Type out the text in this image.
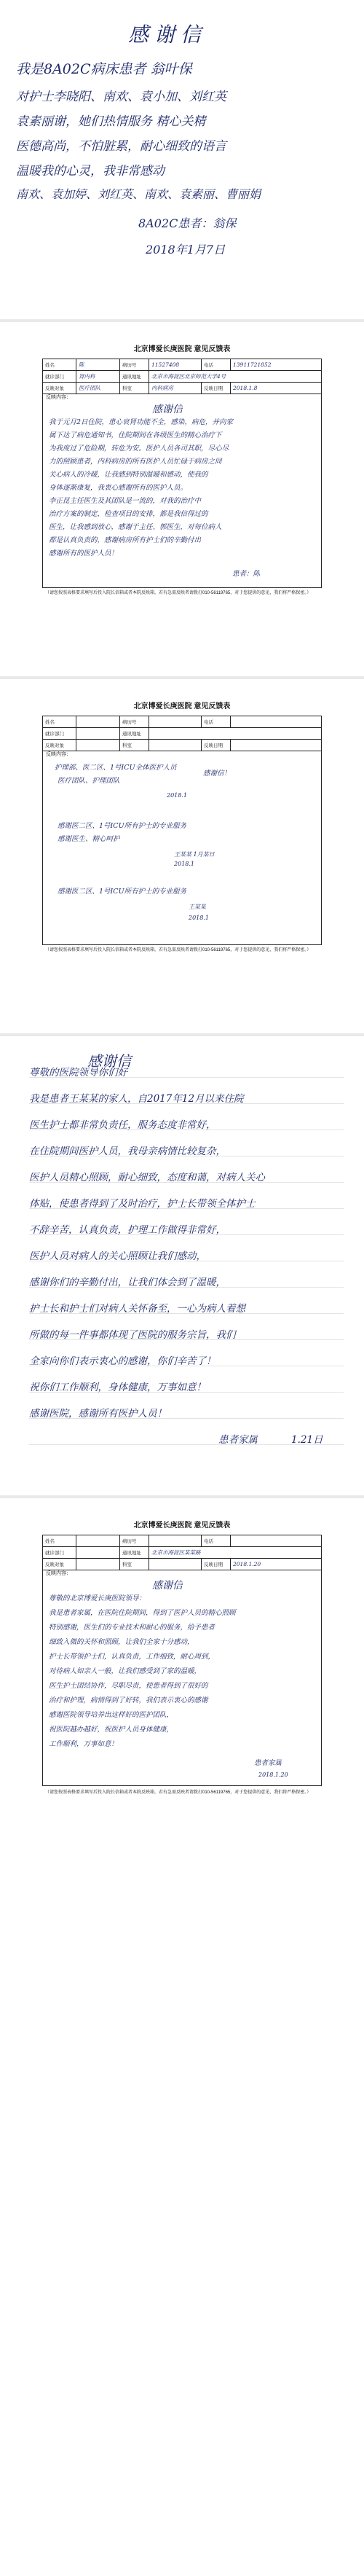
感谢信
我是8A02C病床患者 翁叶保
对护士李晓阳、南欢、袁小加、刘红英
袁素丽谢，她们热情服务 精心关精
医德高尚，不怕脏累，耐心细致的语言
温暖我的心灵，我非常感动
南欢、袁加婷、刘红英、南欢、袁素丽、曹丽娟
8A02C患者：翁保
2018年1月7日
北京博爱长庚医院 意见反馈表
姓名	陈	病历号	11527408	电话	13911721852
就诊部门	肾内科	通讯地址	北京市海淀区北京师范大学4号
反映对象	医疗团队	科室	内科病房	反映日期	2018.1.8
反映内容：
感谢信
我于元月2日住院，患心衰肾功能不全，感染，病危，并向家
属下达了病危通知书，住院期间在各级医生的精心治疗下
为我度过了危险期，转危为安。医护人员各司其职，尽心尽
力的照顾患者，内科病房的所有医护人员忙碌于病房之间
关心病人的冷暖，让我感到特别温暖和感动，使我的
身体逐渐康复，我衷心感谢所有的医护人员。
李正昆主任医生及其团队是一流的，对我的治疗中
治疗方案的制定，检查项目的安排，都是我信得过的
医生，让我感到放心，感谢于主任、郭医生，对每位病人
都是认真负责的，感谢病房所有护士们的辛勤付出
感谢所有的医护人员！
患者：陈
（请您按照表格要求填写后投入院长信箱或者本院反映箱，若有急需反映者请拨打010-56119765，对于您提供的意见，我们将严格保密。）
北京博爱长庚医院 意见反馈表
姓名	病历号	电话
就诊部门	通讯地址
反映对象	科室	反映日期
反映内容：
护理部、医二区、1号ICU全体医护人员
医疗团队、护理团队
感谢信！
2018.1
感谢医二区、1号ICU所有护士的专业服务
感谢医生、精心呵护
王某某 1月某日
2018.1
感谢医二区、1号ICU所有护士的专业服务
王某某
2018.1
（请您按照表格要求填写后投入院长信箱或者本院反映箱，若有急需反映者请拨打010-56119765，对于您提供的意见，我们将严格保密。）
感谢信
尊敬的医院领导你们好
我是患者王某某的家人，自2017年12月以来住院
医生护士都非常负责任，服务态度非常好，
在住院期间医护人员，我母亲病情比较复杂，
医护人员精心照顾，耐心细致，态度和蔼，对病人关心
体贴，使患者得到了及时治疗，护士长带领全体护士
不辞辛苦，认真负责，护理工作做得非常好，
医护人员对病人的关心照顾让我们感动，
感谢你们的辛勤付出，让我们体会到了温暖，
护士长和护士们对病人关怀备至，一心为病人着想
所做的每一件事都体现了医院的服务宗旨，我们
全家向你们表示衷心的感谢，你们辛苦了！
祝你们工作顺利，身体健康，万事如意！
感谢医院，感谢所有医护人员！
患者家属	1.21日
北京博爱长庚医院 意见反馈表
姓名	病历号	电话
就诊部门	通讯地址	北京市海淀区某某路
反映对象	科室	反映日期	2018.1.20
反映内容：
感谢信
尊敬的北京博爱长庚医院领导：
我是患者家属，在医院住院期间，得到了医护人员的精心照顾
特别感谢，医生们的专业技术和耐心的服务，给予患者
细致入微的关怀和照顾，让我们全家十分感动，
护士长带领护士们，认真负责，工作细致，耐心周到，
对待病人如亲人一般，让我们感受到了家的温暖，
医生护士团结协作，尽职尽责，使患者得到了很好的
治疗和护理，病情得到了好转，我们表示衷心的感谢
感谢医院领导培养出这样好的医护团队，
祝医院越办越好，祝医护人员身体健康，
工作顺利，万事如意！
患者家属
2018.1.20
（请您按照表格要求填写后投入院长信箱或者本院反映箱，若有急需反映者请拨打010-56119765，对于您提供的意见，我们将严格保密。）
